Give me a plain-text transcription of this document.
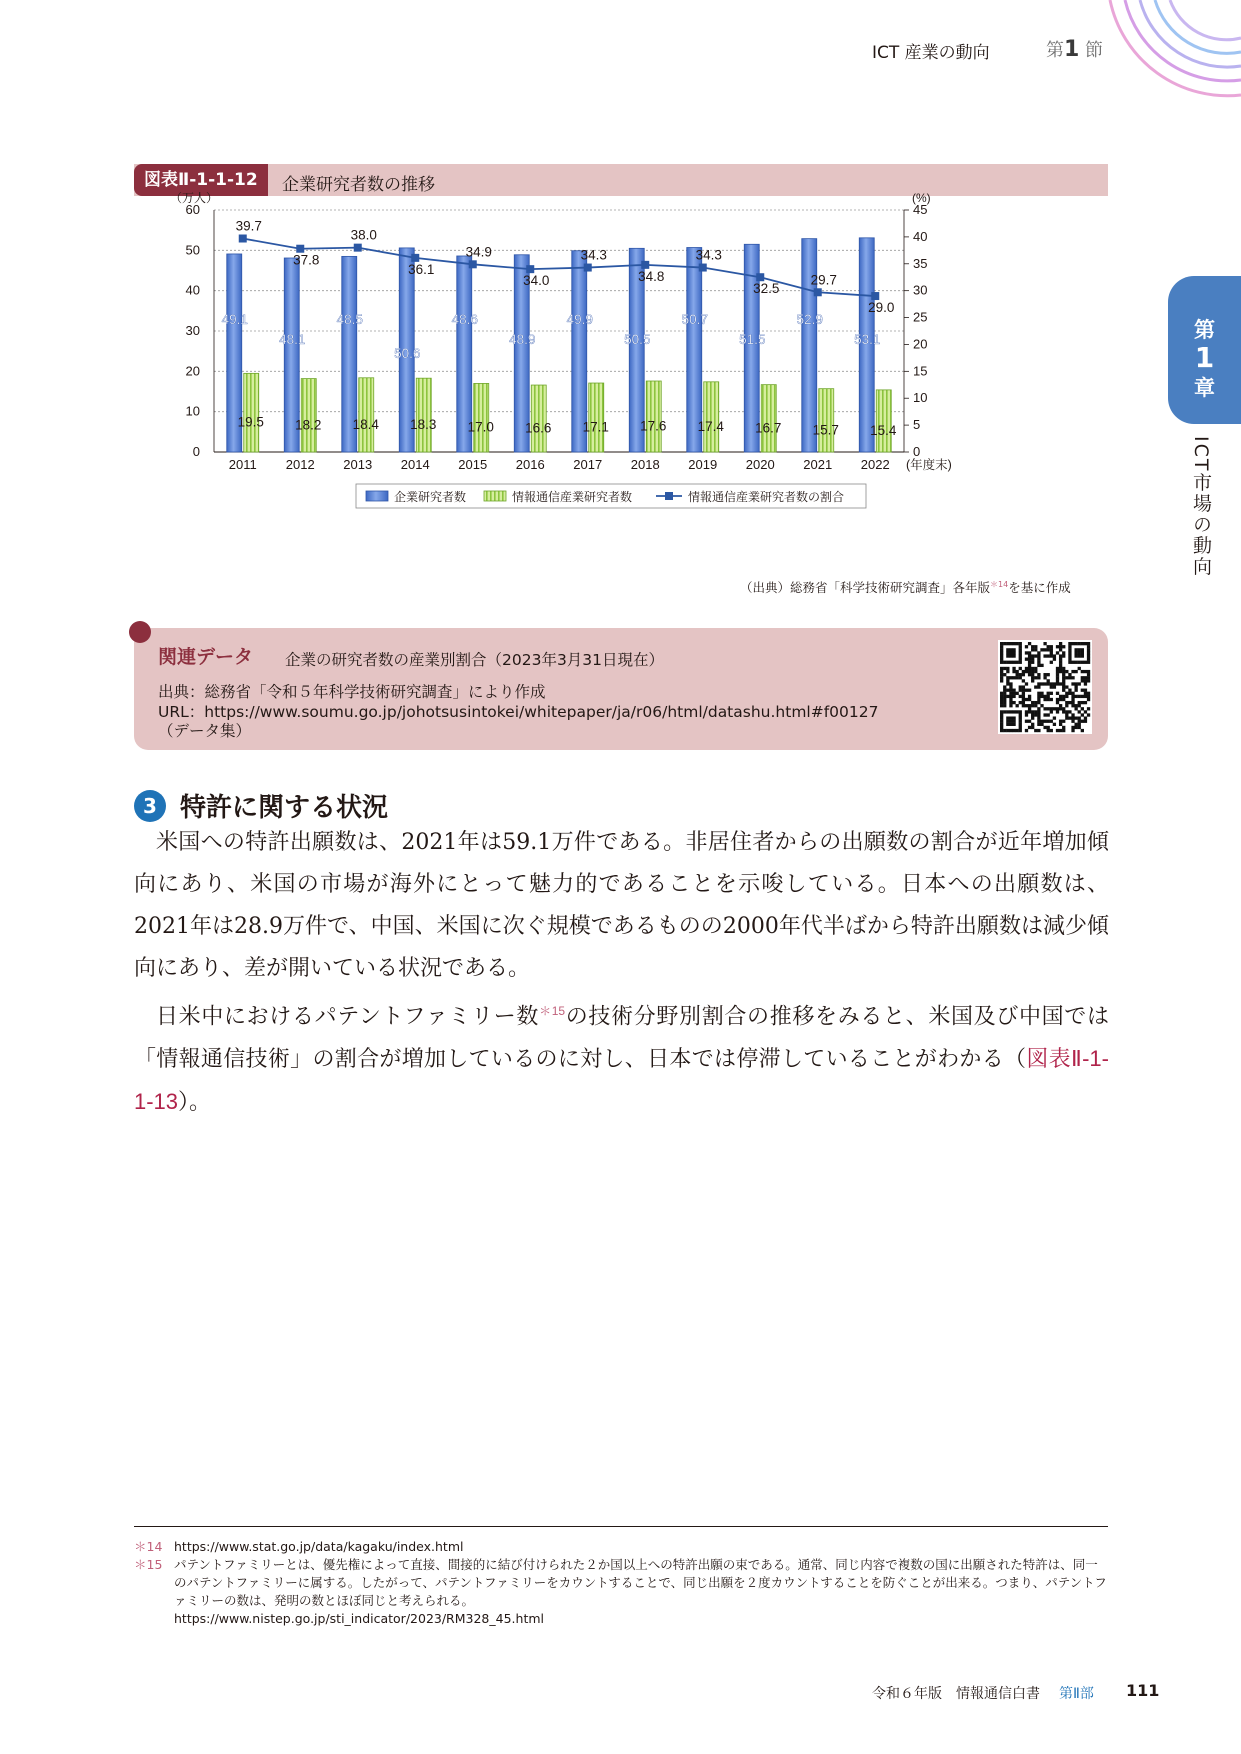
ICT 産業の動向	第1 節
第
1
章
ICT市場の動向
図表Ⅱ-1-1-12	企業研究者数の推移
（万人）	(%)
0
10
20
30
40
50
60
0
5
10
15
20
25
30
35
40
45
2011
49.1
19.5
2012
48.1
18.2
2013
48.5
18.4
2014
50.6
18.3
2015
48.6
17.0
2016
48.9
16.6
2017
49.9
17.1
2018
50.5
17.6
2019
50.7
17.4
2020
51.5
16.7
2021
52.9
15.7
2022
53.1
15.4
(年度末)
39.7
37.8
38.0
36.1
34.9
34.0
34.3
34.8
34.3
32.5
29.7
29.0
企業研究者数	情報通信産業研究者数	情報通信産業研究者数の割合
（出典）総務省「科学技術研究調査」各年版$^{*14}$を基に作成
関連データ 企業の研究者数の産業別割合（2023年3月31日現在）
出典：総務省「令和５年科学技術研究調査」により作成
URL：https://www.soumu.go.jp/johotsusintokei/whitepaper/ja/r06/html/datashu.html#f00127
（データ集）
3 特許に関する状況

米国への特許出願数は、2021年は59.1万件である。非居住者からの出願数の割合が近年増加傾向にあり、米国の市場が海外にとって魅力的であることを示唆している。日本への出願数は、2021年は28.9万件で、中国、米国に次ぐ規模であるものの2000年代半ばから特許出願数は減少傾向にあり、差が開いている状況である。

日米中におけるパテントファミリー数$^{*15}$の技術分野別割合の推移をみると、米国及び中国では「情報通信技術」の割合が増加しているのに対し、日本では停滞していることがわかる（図表Ⅱ-1-1-13）。

＊14 https://www.stat.go.jp/data/kagaku/index.html
＊15 パテントファミリーとは、優先権によって直接、間接的に結び付けられた２か国以上への特許出願の束である。通常、同じ内容で複数の国に出願された特許は、同一のパテントファミリーに属する。したがって、パテントファミリーをカウントすることで、同じ出願を２度カウントすることを防ぐことが出来る。つまり、パテントファミリーの数は、発明の数とほぼ同じと考えられる。
https://www.nistep.go.jp/sti_indicator/2023/RM328_45.html
令和６年版　情報通信白書 第Ⅱ部 111
